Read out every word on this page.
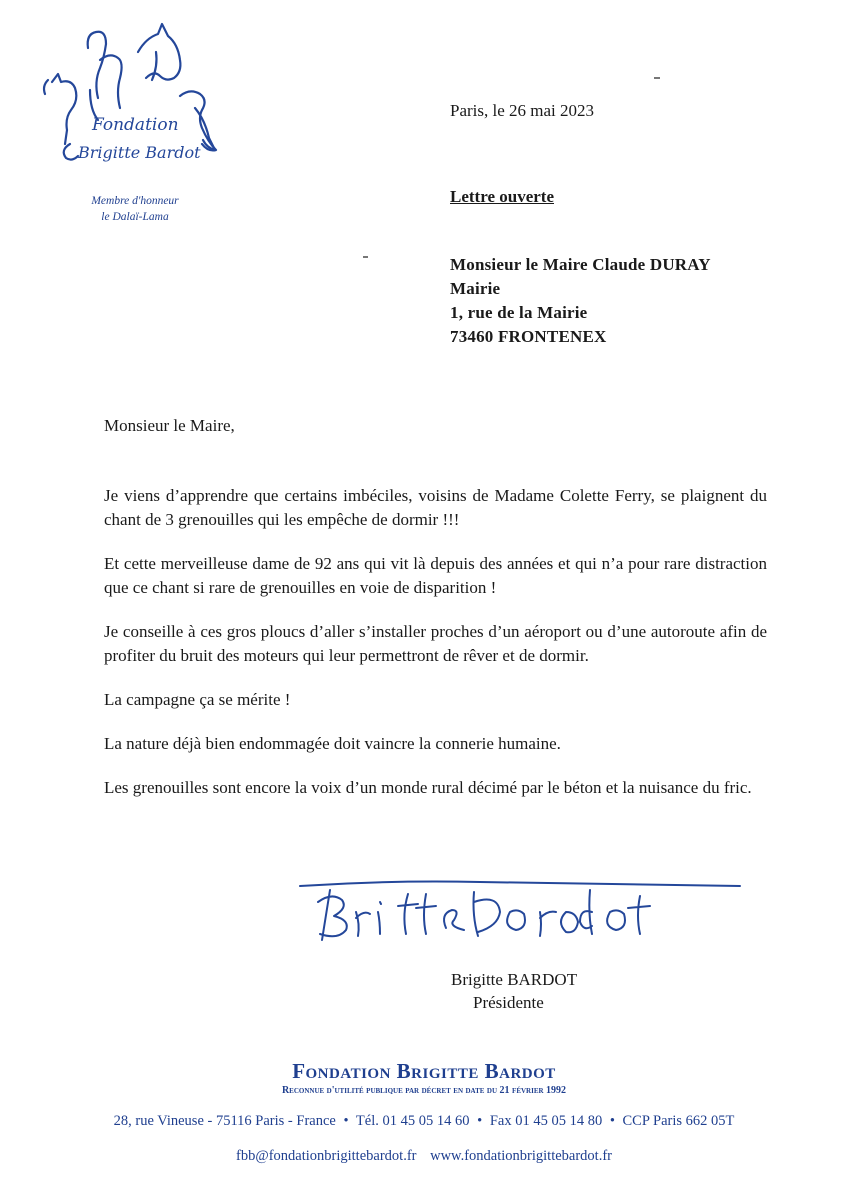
Fondation
Brigitte Bardot
Membre d'honneur
le Dalaï-Lama
Paris, le 26 mai 2023
Lettre ouverte
Monsieur le Maire Claude DURAY
Mairie
1, rue de la Mairie
73460 FRONTENEX
Monsieur le Maire,

Je viens d’apprendre que certains imbéciles, voisins de Madame Colette Ferry, se plaignent du chant de 3 grenouilles qui les empêche de dormir !!!

Et cette merveilleuse dame de 92 ans qui vit là depuis des années et qui n’a pour rare distraction que ce chant si rare de grenouilles en voie de disparition !

Je conseille à ces gros ploucs d’aller s’installer proches d’un aéroport ou d’une autoroute afin de profiter du bruit des moteurs qui leur permettront de rêver et de dormir.

La campagne ça se mérite !

La nature déjà bien endommagée doit vaincre la connerie humaine.

Les grenouilles sont encore la voix d’un monde rural décimé par le béton et la nuisance du fric.

Brigitte BARDOT
Présidente
Fondation Brigitte Bardot
Reconnue d'utilité publique par décret en date du 21 février 1992
28, rue Vineuse - 75116 Paris - France • Tél. 01 45 05 14 60 • Fax 01 45 05 14 80 • CCP Paris 662 05T
fbb@fondationbrigittebardot.fr www.fondationbrigittebardot.fr
